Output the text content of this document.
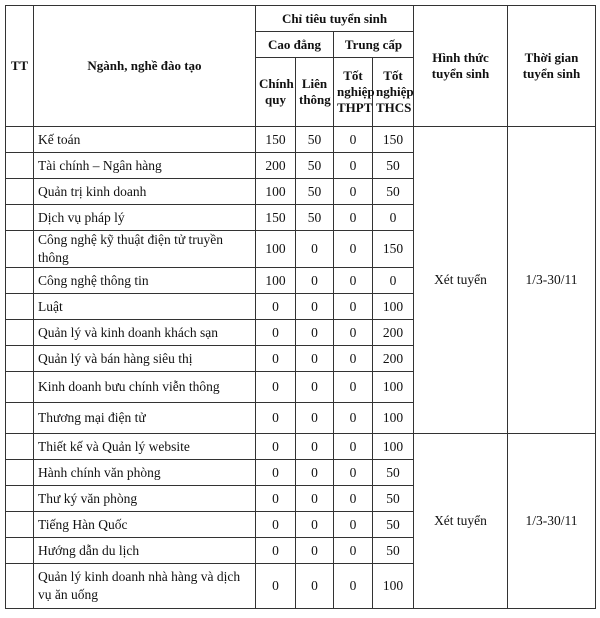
TT	Ngành, nghề đào tạo	Chỉ tiêu tuyển sinh				Hình thức tuyển sinh	Thời gian tuyển sinh
		Cao đẳng		Trung cấp			
		Chính quy	Liên thông	Tốt nghiệp THPT	Tốt nghiệp THCS		
	Kế toán	150	50	0	150	Xét tuyển	1/3-30/11
	Tài chính – Ngân hàng	200	50	0	50		
	Quản trị kinh doanh	100	50	0	50		
	Dịch vụ pháp lý	150	50	0	0		
	Công nghệ kỹ thuật điện tử truyền thông	100	0	0	150		
	Công nghệ thông tin	100	0	0	0		
	Luật	0	0	0	100		
	Quản lý và kinh doanh khách sạn	0	0	0	200		
	Quản lý và bán hàng siêu thị	0	0	0	200		
	Kinh doanh bưu chính viễn thông	0	0	0	100		
	Thương mại điện tử	0	0	0	100		
	Thiết kế và Quản lý website	0	0	0	100	Xét tuyển	1/3-30/11
	Hành chính văn phòng	0	0	0	50		
	Thư ký văn phòng	0	0	0	50		
	Tiếng Hàn Quốc	0	0	0	50		
	Hướng dẫn du lịch	0	0	0	50		
	Quản lý kinh doanh nhà hàng và dịch vụ ăn uống	0	0	0	100		
